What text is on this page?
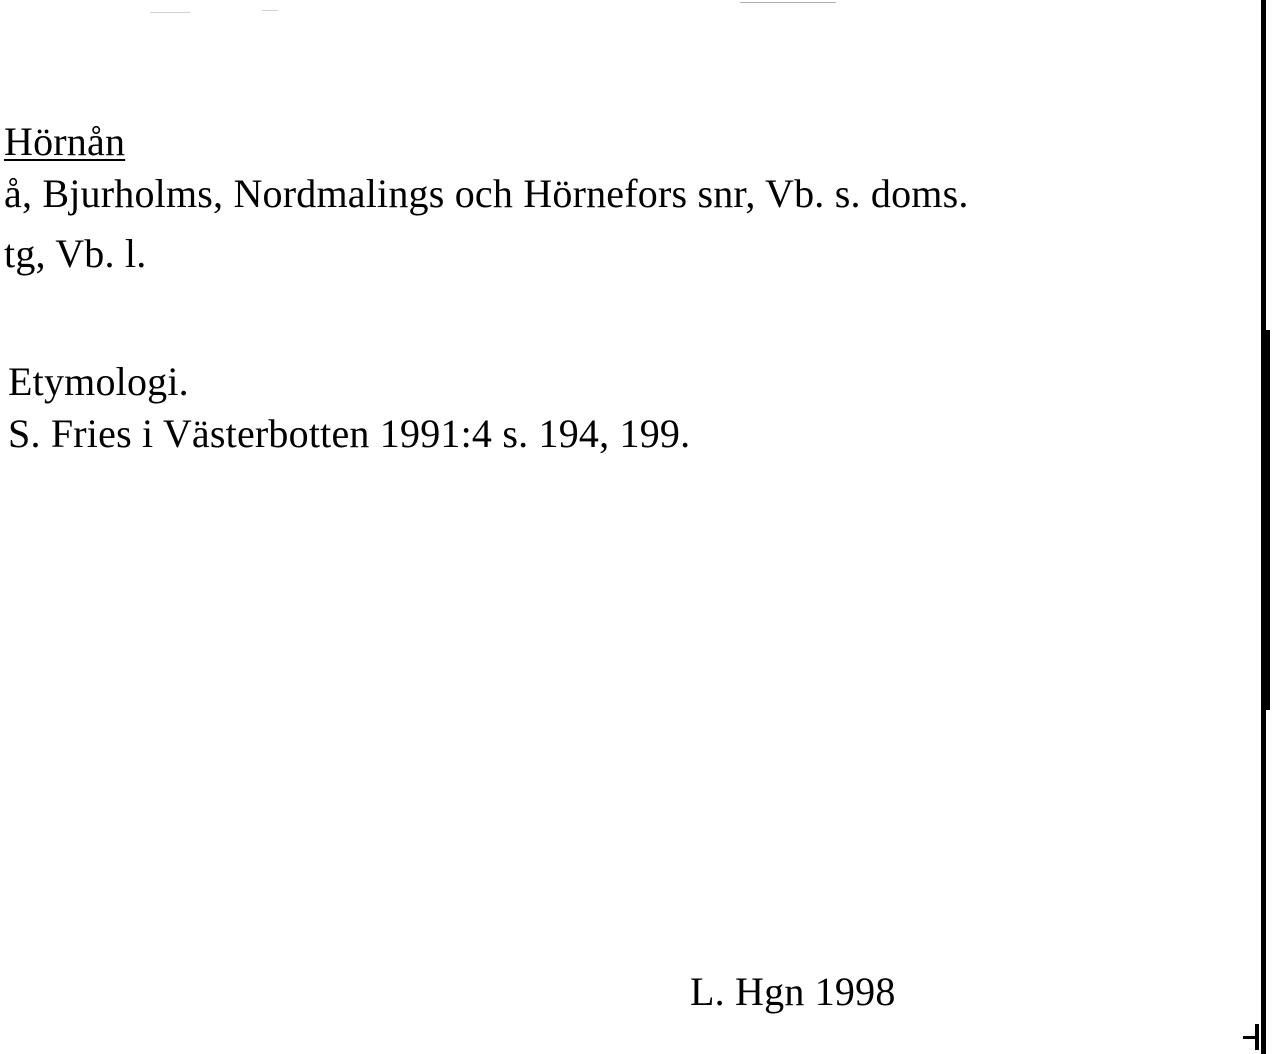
Hörnån
å, Bjurholms, Nordmalings och Hörnefors snr, Vb. s. doms.
tg, Vb. l.
Etymologi.
S. Fries i Västerbotten 1991:4 s. 194, 199.
L. Hgn 1998
